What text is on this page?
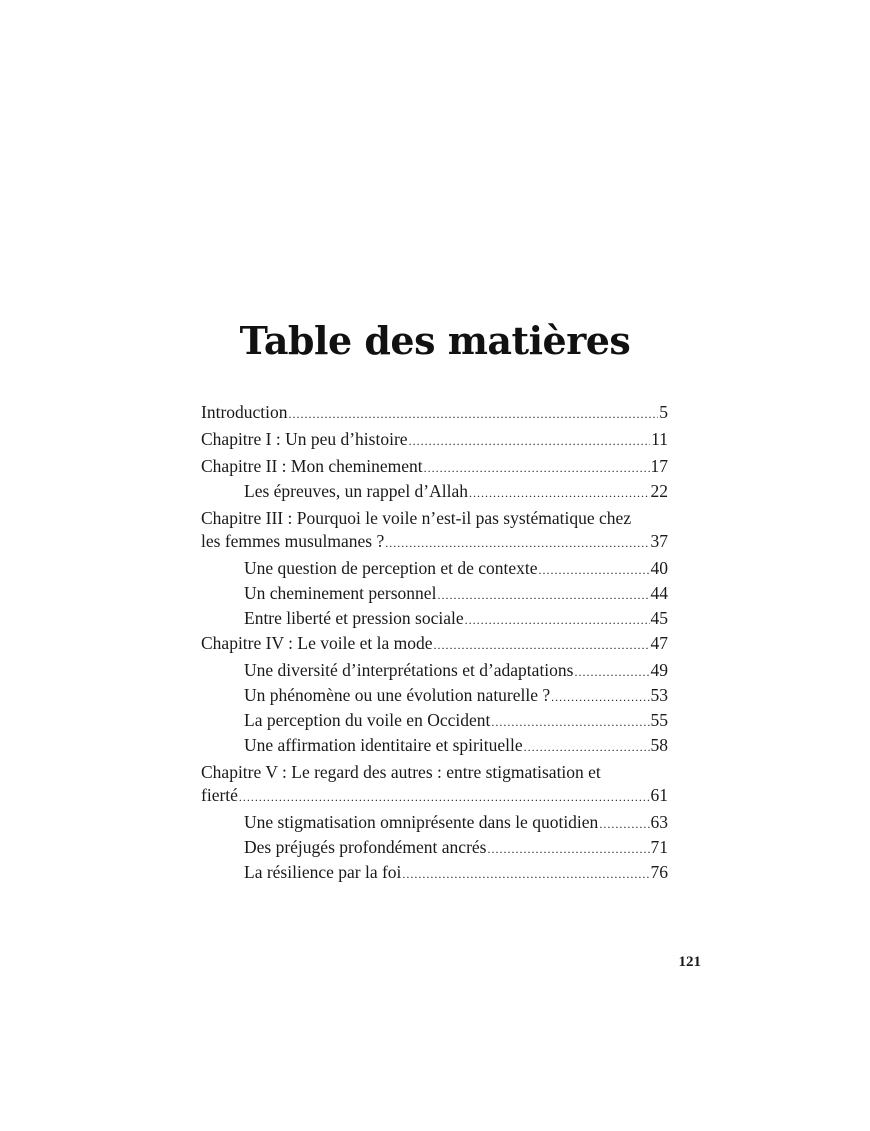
Table des matières
Introduction .....	5
Chapitre I : Un peu d’histoire .....	11
Chapitre II : Mon cheminement .....	17
Les épreuves, un rappel d’Allah .....	22
Chapitre III : Pourquoi le voile n’est-il pas systématique chez
les femmes musulmanes ? .....	37
Une question de perception et de contexte .....	40
Un cheminement personnel .....	44
Entre liberté et pression sociale .....	45
Chapitre IV : Le voile et la mode .....	47
Une diversité d’interprétations et d’adaptations .....	49
Un phénomène ou une évolution naturelle ? .....	53
La perception du voile en Occident .....	55
Une affirmation identitaire et spirituelle .....	58
Chapitre V : Le regard des autres : entre stigmatisation et
fierté .....	61
Une stigmatisation omniprésente dans le quotidien .....	63
Des préjugés profondément ancrés .....	71
La résilience par la foi .....	76
121
